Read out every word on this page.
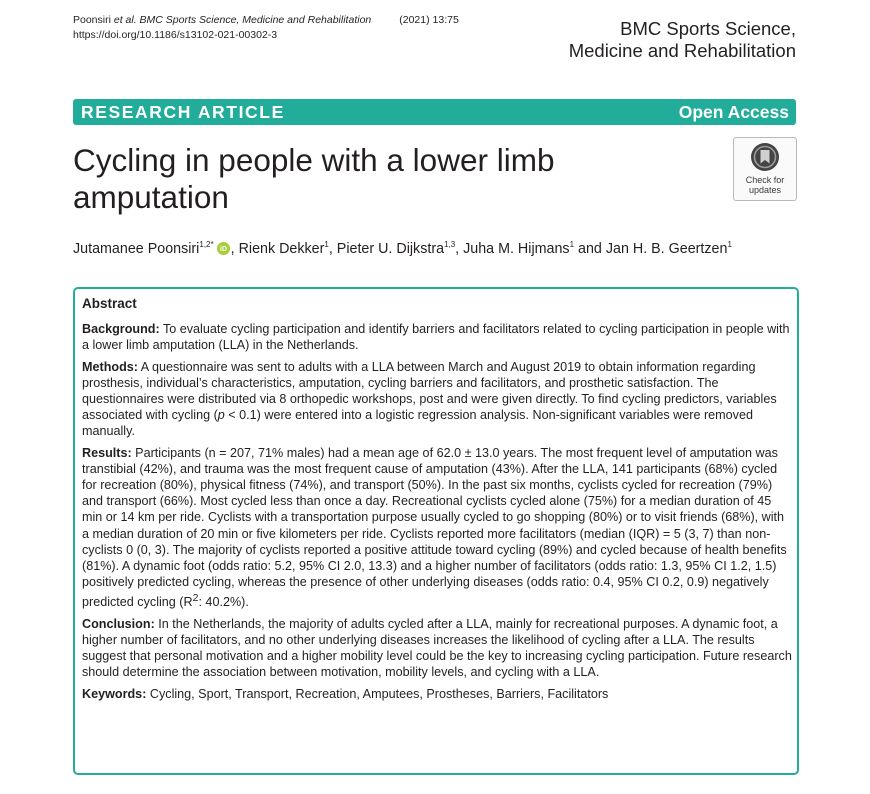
Poonsiri et al. BMC Sports Science, Medicine and Rehabilitation	(2021) 13:75
https://doi.org/10.1186/s13102-021-00302-3	BMC Sports Science,
Medicine and Rehabilitation
RESEARCH ARTICLE	Open Access
Cycling in people with a lower limb amputation	Check for
updates
Jutamanee Poonsiri$^{1,2*}$
iD , Rienk Dekker$^1$, Pieter U. Dijkstra$^{1,3}$, Juha M. Hijmans$^1$ and Jan H. B. Geertzen$^1$
Abstract
Background: To evaluate cycling participation and identify barriers and facilitators related to cycling participation in people with a lower limb amputation (LLA) in the Netherlands.
Methods: A questionnaire was sent to adults with a LLA between March and August 2019 to obtain information regarding prosthesis, individual’s characteristics, amputation, cycling barriers and facilitators, and prosthetic satisfaction. The questionnaires were distributed via 8 orthopedic workshops, post and were given directly. To find cycling predictors, variables associated with cycling (p < 0.1) were entered into a logistic regression analysis. Non-significant variables were removed manually.
Results: Participants (n = 207, 71% males) had a mean age of 62.0 ± 13.0 years. The most frequent level of amputation was transtibial (42%), and trauma was the most frequent cause of amputation (43%). After the LLA, 141 participants (68%) cycled for recreation (80%), physical fitness (74%), and transport (50%). In the past six months, cyclists cycled for recreation (79%) and transport (66%). Most cycled less than once a day. Recreational cyclists cycled alone (75%) for a median duration of 45 min or 14 km per ride. Cyclists with a transportation purpose usually cycled to go shopping (80%) or to visit friends (68%), with a median duration of 20 min or five kilometers per ride. Cyclists reported more facilitators (median (IQR) = 5 (3, 7) than non-cyclists 0 (0, 3). The majority of cyclists reported a positive attitude toward cycling (89%) and cycled because of health benefits (81%). A dynamic foot (odds ratio: 5.2, 95% CI 2.0, 13.3) and a higher number of facilitators (odds ratio: 1.3, 95% CI 1.2, 1.5) positively predicted cycling, whereas the presence of other underlying diseases (odds ratio: 0.4, 95% CI 0.2, 0.9) negatively predicted cycling ($R^2$: 40.2%).
Conclusion: In the Netherlands, the majority of adults cycled after a LLA, mainly for recreational purposes. A dynamic foot, a higher number of facilitators, and no other underlying diseases increases the likelihood of cycling after a LLA. The results suggest that personal motivation and a higher mobility level could be the key to increasing cycling participation. Future research should determine the association between motivation, mobility levels, and cycling with a LLA.
Keywords: Cycling, Sport, Transport, Recreation, Amputees, Prostheses, Barriers, Facilitators
